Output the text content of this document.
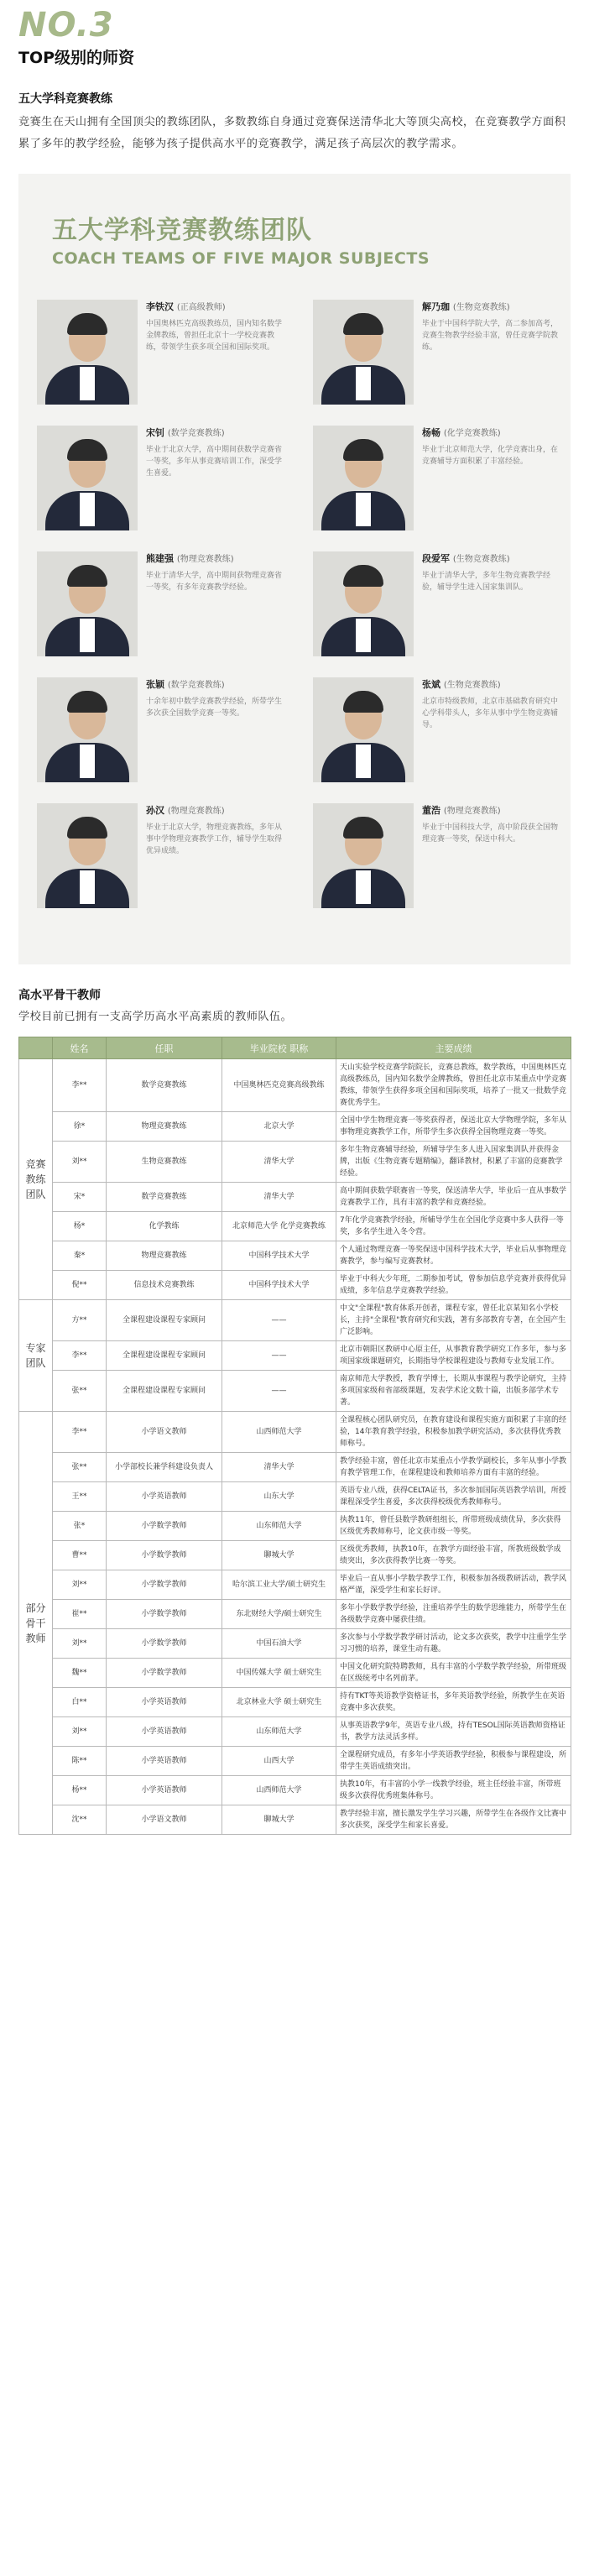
NO.3
TOP级别的师资
五大学科竞赛教练
竞赛生在天山拥有全国顶尖的教练团队，多数教练自身通过竞赛保送清华北大等顶尖高校，在竞赛教学方面积累了多年的教学经验，能够为孩子提供高水平的竞赛教学，满足孩子高层次的教学需求。
五大学科竞赛教练团队
COACH TEAMS OF FIVE MAJOR SUBJECTS
李铁汉 (正高级教师)
中国奥林匹克高级教练员，国内知名数学金牌教练，曾担任北京十一学校竞赛教练，带领学生获多项全国和国际奖项。
解乃珈 (生物竞赛教练)
毕业于中国科学院大学，高二参加高考，竞赛生物教学经验丰富，曾任竞赛学院教练。
宋钊 (数学竞赛教练)
毕业于北京大学，高中期间获数学竞赛省一等奖，多年从事竞赛培训工作，深受学生喜爱。
杨畅 (化学竞赛教练)
毕业于北京师范大学，化学竞赛出身，在竞赛辅导方面积累了丰富经验。
熊建强 (物理竞赛教练)
毕业于清华大学，高中期间获物理竞赛省一等奖，有多年竞赛教学经验。
段爱军 (生物竞赛教练)
毕业于清华大学，多年生物竞赛教学经验，辅导学生进入国家集训队。
张颖 (数学竞赛教练)
十余年初中数学竞赛教学经验，所带学生多次获全国数学竞赛一等奖。
张斌 (生物竞赛教练)
北京市特级教师，北京市基础教育研究中心学科带头人，多年从事中学生物竞赛辅导。
孙汉 (物理竞赛教练)
毕业于北京大学，物理竞赛教练，多年从事中学物理竞赛教学工作，辅导学生取得优异成绩。
董浩 (物理竞赛教练)
毕业于中国科技大学，高中阶段获全国物理竞赛一等奖，保送中科大。
高水平骨干教师
学校目前已拥有一支高学历高水平高素质的教师队伍。
	姓名	任职	毕业院校 职称	主要成绩
竞赛教练团队	李**	数学竞赛教练	中国奥林匹克竞赛高级教练	天山实验学校竞赛学院院长，竞赛总教练，数学教练，中国奥林匹克高级教练员，国内知名数学金牌教练，曾担任北京市某重点中学竞赛教练，带领学生获得多项全国和国际奖项，培养了一批又一批数学竞赛优秀学生。
	徐*	物理竞赛教练	北京大学	全国中学生物理竞赛一等奖获得者，保送北京大学物理学院，多年从事物理竞赛教学工作，所带学生多次获得全国物理竞赛一等奖。
	刘**	生物竞赛教练	清华大学	多年生物竞赛辅导经验，所辅导学生多人进入国家集训队并获得金牌，出版《生物竞赛专题精编》，翻译教材，积累了丰富的竞赛教学经验。
	宋*	数学竞赛教练	清华大学	高中期间获数学联赛省一等奖，保送清华大学，毕业后一直从事数学竞赛教学工作，具有丰富的教学和竞赛经验。
	杨*	化学教练	北京师范大学 化学竞赛教练	7年化学竞赛教学经验，所辅导学生在全国化学竞赛中多人获得一等奖，多名学生进入冬令营。
	秦*	物理竞赛教练	中国科学技术大学	个人通过物理竞赛一等奖保送中国科学技术大学，毕业后从事物理竞赛教学，参与编写竞赛教材。
	倪**	信息技术竞赛教练	中国科学技术大学	毕业于中科大少年班，二期参加考试，曾参加信息学竞赛并获得优异成绩，多年信息学竞赛教学经验。
专家团队	方**	全课程建设课程专家顾问	——	中文"全课程"教育体系开创者，课程专家，曾任北京某知名小学校长，主持"全课程"教育研究和实践，著有多部教育专著，在全国产生广泛影响。
	李**	全课程建设课程专家顾问	——	北京市朝阳区教研中心原主任，从事教育教学研究工作多年，参与多项国家级课题研究，长期指导学校课程建设与教师专业发展工作。
	张**	全课程建设课程专家顾问	——	南京师范大学教授，教育学博士，长期从事课程与教学论研究，主持多项国家级和省部级课题，发表学术论文数十篇，出版多部学术专著。
部分骨干教师	李**	小学语文教师	山西师范大学	全课程核心团队研究员，在教育建设和课程实施方面积累了丰富的经验，14年教育教学经验，积极参加教学研究活动，多次获得优秀教师称号。
	张**	小学部校长兼学科建设负责人	清华大学	教学经验丰富，曾任北京市某重点小学教学副校长，多年从事小学教育教学管理工作，在课程建设和教师培养方面有丰富的经验。
	王**	小学英语教师	山东大学	英语专业八级，获得CELTA证书，多次参加国际英语教学培训，所授课程深受学生喜爱，多次获得校级优秀教师称号。
	张*	小学数学教师	山东师范大学	执教11年，曾任县数学教研组组长，所带班级成绩优异，多次获得区级优秀教师称号，论文获市级一等奖。
	曹**	小学数学教师	聊城大学	区级优秀教师，执教10年，在教学方面经验丰富，所教班级数学成绩突出，多次获得教学比赛一等奖。
	刘**	小学数学教师	哈尔滨工业大学/硕士研究生	毕业后一直从事小学数学教学工作，积极参加各级教研活动，教学风格严谨，深受学生和家长好评。
	崔**	小学数学教师	东北财经大学/硕士研究生	多年小学数学教学经验，注重培养学生的数学思维能力，所带学生在各级数学竞赛中屡获佳绩。
	刘**	小学数学教师	中国石油大学	多次参与小学数学教学研讨活动，论文多次获奖，教学中注重学生学习习惯的培养，课堂生动有趣。
	魏**	小学数学教师	中国传媒大学 硕士研究生	中国文化研究院特聘教师，具有丰富的小学数学教学经验，所带班级在区级统考中名列前茅。
	白**	小学英语教师	北京林业大学 硕士研究生	持有TKT等英语教学资格证书，多年英语教学经验，所教学生在英语竞赛中多次获奖。
	刘**	小学英语教师	山东师范大学	从事英语教学9年，英语专业八级，持有TESOL国际英语教师资格证书，教学方法灵活多样。
	陈**	小学英语教师	山西大学	全课程研究成员，有多年小学英语教学经验，积极参与课程建设，所带学生英语成绩突出。
	杨**	小学英语教师	山西师范大学	执教10年，有丰富的小学一线教学经验，班主任经验丰富，所带班级多次获得优秀班集体称号。
	沈**	小学语文教师	聊城大学	教学经验丰富，擅长激发学生学习兴趣，所带学生在各级作文比赛中多次获奖，深受学生和家长喜爱。
